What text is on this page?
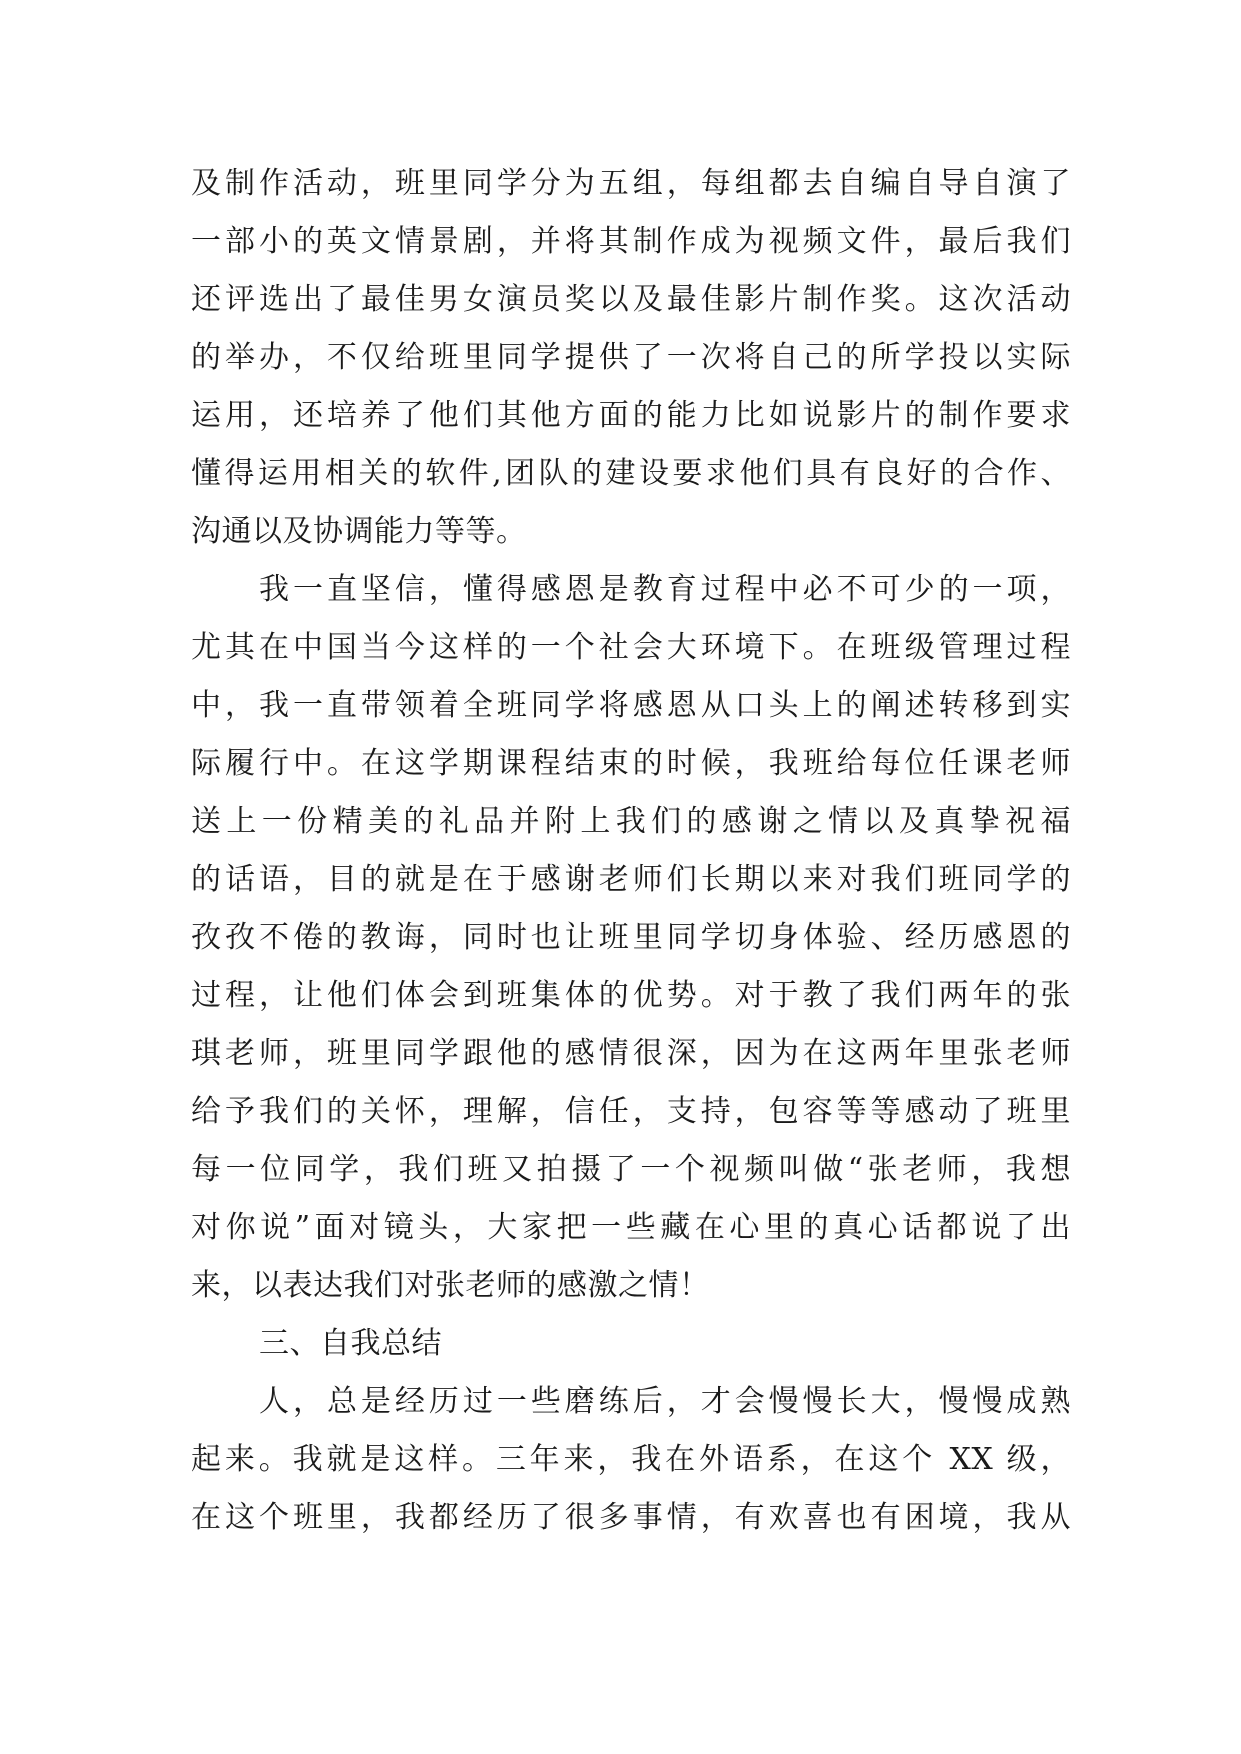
及制作活动，班里同学分为五组，每组都去自编自导自演了
一部小的英文情景剧，并将其制作成为视频文件，最后我们
还评选出了最佳男女演员奖以及最佳影片制作奖。这次活动
的举办，不仅给班里同学提供了一次将自己的所学投以实际
运用，还培养了他们其他方面的能力比如说影片的制作要求
懂得运用相关的软件,团队的建设要求他们具有良好的合作、
沟通以及协调能力等等。
我一直坚信，懂得感恩是教育过程中必不可少的一项，
尤其在中国当今这样的一个社会大环境下。在班级管理过程
中，我一直带领着全班同学将感恩从口头上的阐述转移到实
际履行中。在这学期课程结束的时候，我班给每位任课老师
送上一份精美的礼品并附上我们的感谢之情以及真挚祝福
的话语，目的就是在于感谢老师们长期以来对我们班同学的
孜孜不倦的教诲，同时也让班里同学切身体验、经历感恩的
过程，让他们体会到班集体的优势。对于教了我们两年的张
琪老师，班里同学跟他的感情很深，因为在这两年里张老师
给予我们的关怀，理解，信任，支持，包容等等感动了班里
每一位同学，我们班又拍摄了一个视频叫做“张老师，我想
对你说”面对镜头，大家把一些藏在心里的真心话都说了出
来，以表达我们对张老师的感激之情！
三、自我总结
人，总是经历过一些磨练后，才会慢慢长大，慢慢成熟
起来。我就是这样。三年来，我在外语系，在这个 XX 级，
在这个班里，我都经历了很多事情，有欢喜也有困境，我从
